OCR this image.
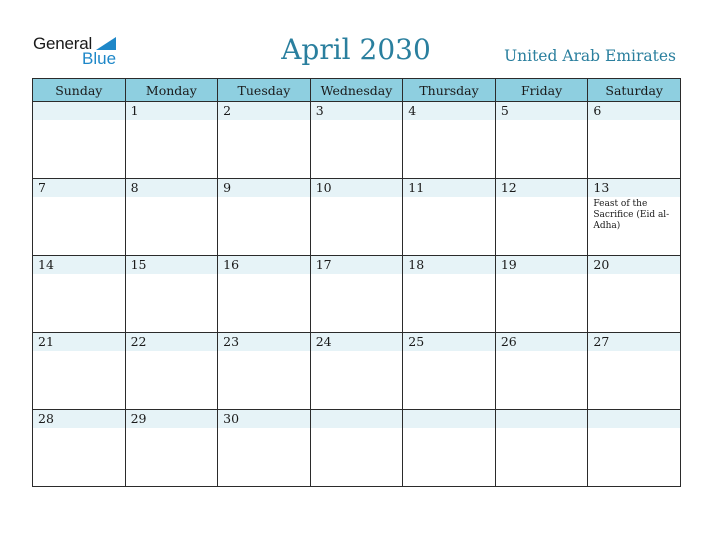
General
Blue	April 2030	United Arab Emirates
Sunday	Monday	Tuesday	Wednesday	Thursday	Friday	Saturday

	1	2	3	4	5	6

7	8	9	10	11	12	13
Feast of the Sacrifice (Eid al-Adha)

14	15	16	17	18	19	20

21	22	23	24	25	26	27

28	29	30				
